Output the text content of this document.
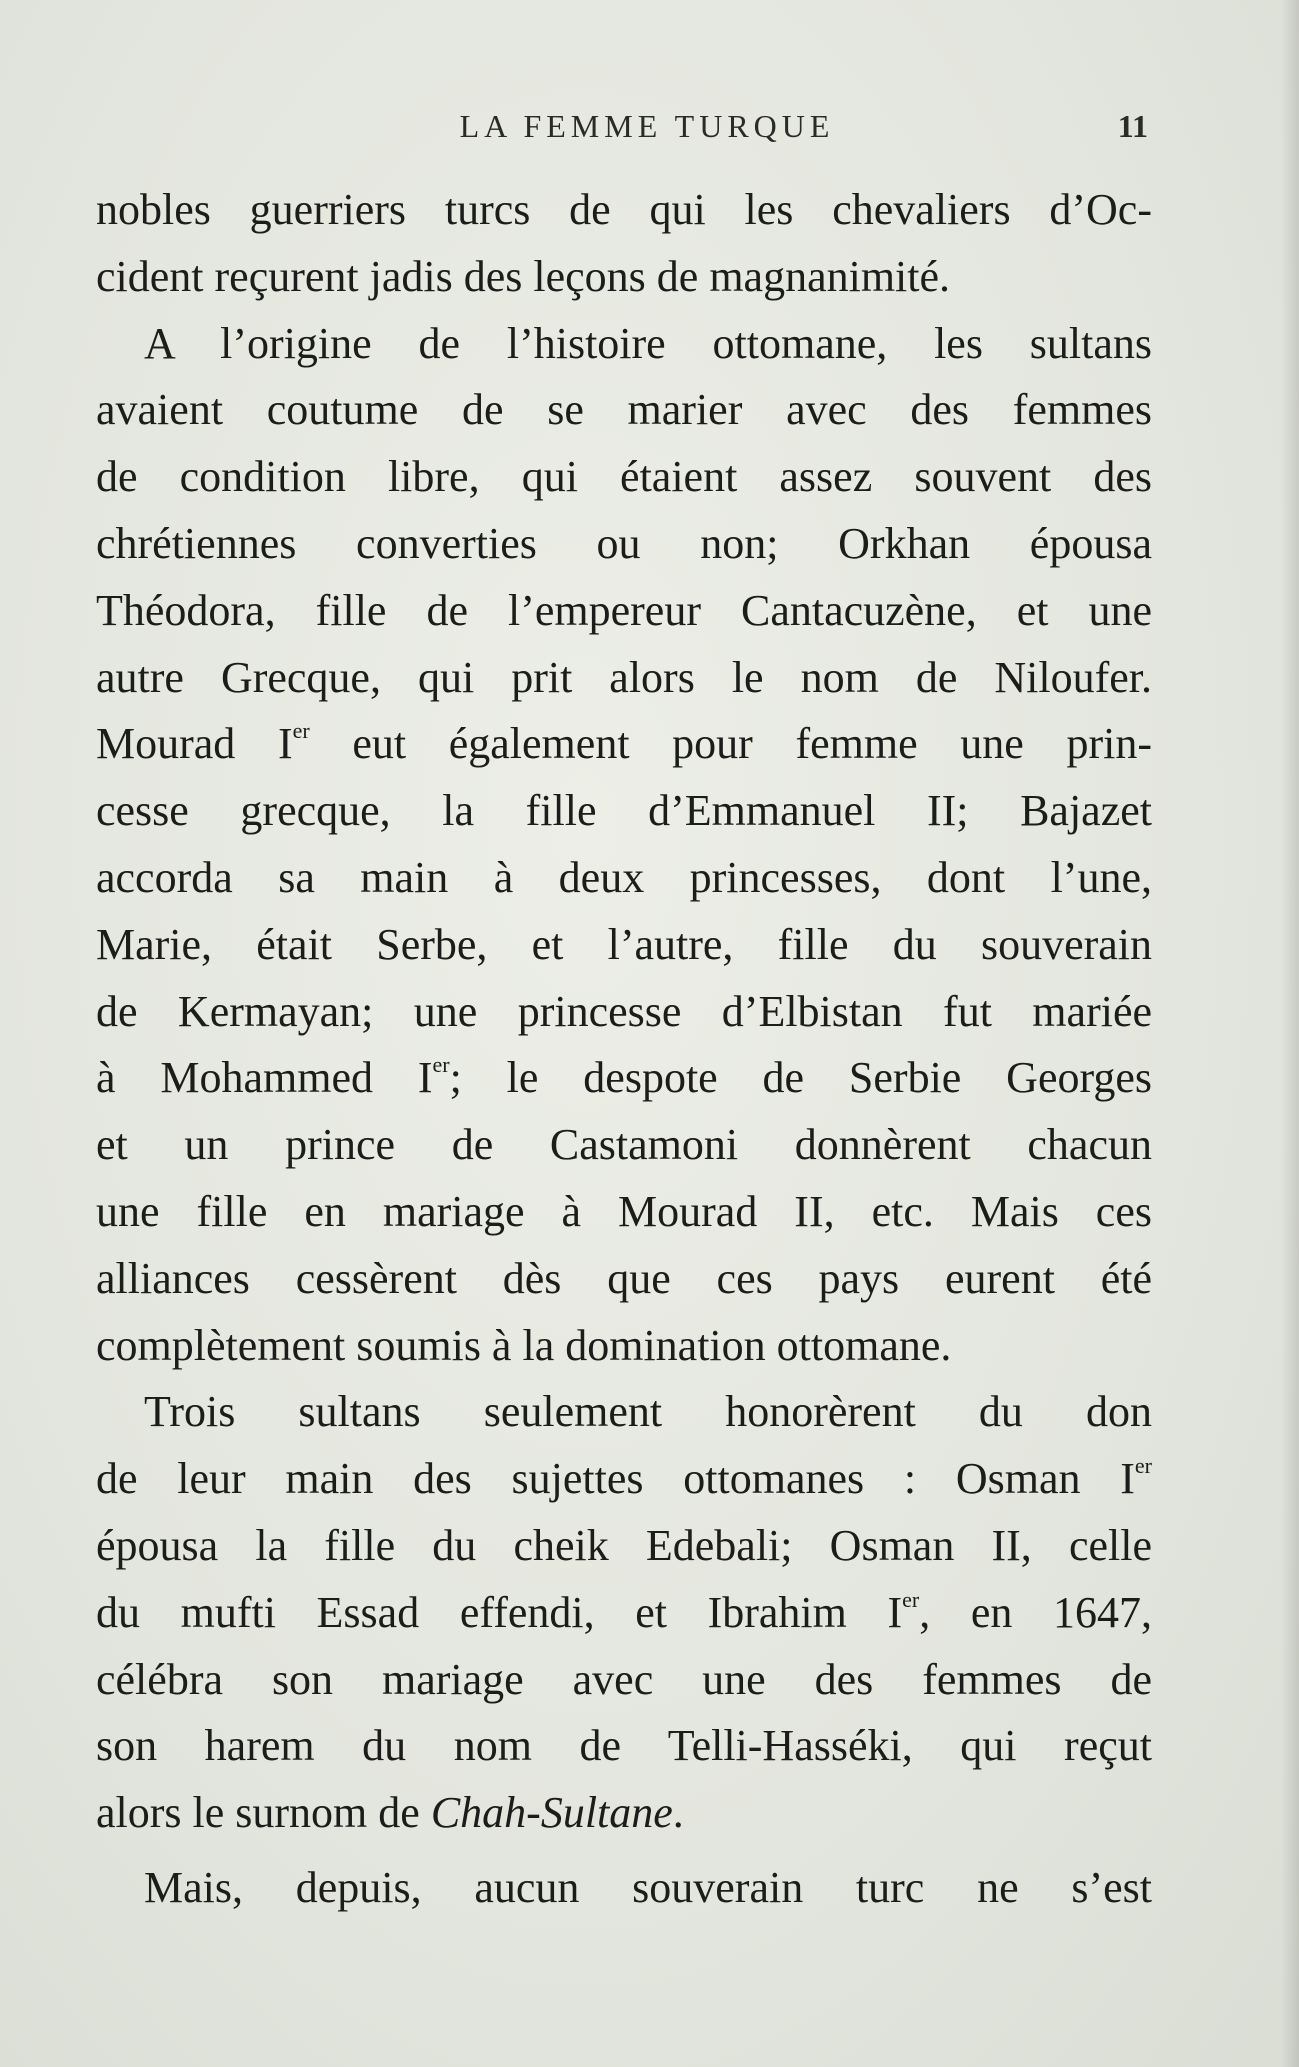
LA FEMME TURQUE	11
nobles guerriers turcs de qui les chevaliers d’Oc-
cident reçurent jadis des leçons de magnanimité.
A l’origine de l’histoire ottomane, les sultans
avaient coutume de se marier avec des femmes
de condition libre, qui étaient assez souvent des
chrétiennes converties ou non; Orkhan épousa
Théodora, fille de l’empereur Cantacuzène, et une
autre Grecque, qui prit alors le nom de Niloufer.
Mourad Ier eut également pour femme une prin-
cesse grecque, la fille d’Emmanuel II; Bajazet
accorda sa main à deux princesses, dont l’une,
Marie, était Serbe, et l’autre, fille du souverain
de Kermayan; une princesse d’Elbistan fut mariée
à Mohammed Ier; le despote de Serbie Georges
et un prince de Castamoni donnèrent chacun
une fille en mariage à Mourad II, etc. Mais ces
alliances cessèrent dès que ces pays eurent été
complètement soumis à la domination ottomane.
Trois sultans seulement honorèrent du don
de leur main des sujettes ottomanes : Osman Ier
épousa la fille du cheik Edebali; Osman II, celle
du mufti Essad effendi, et Ibrahim Ier, en 1647,
célébra son mariage avec une des femmes de
son harem du nom de Telli-Hasséki, qui reçut
alors le surnom de Chah-Sultane.
Mais, depuis, aucun souverain turc ne s’est
